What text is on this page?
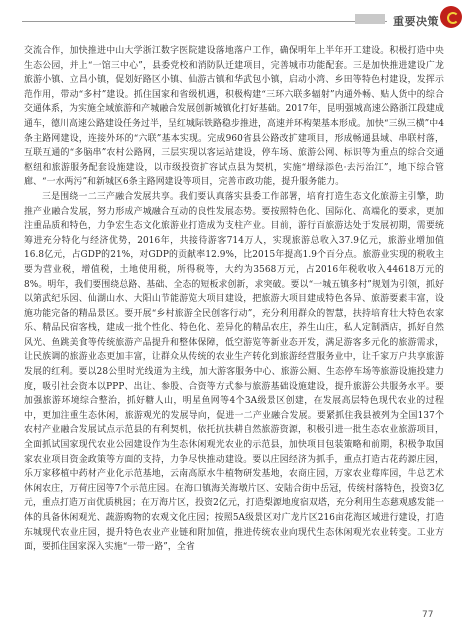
重要决策

交流合作，加快推进中山大学浙江数字医院建设落地落户工作，确保明年上半年开工建设。积极打造中央生态公园，并上“一馆三中心”，县委党校和消防队迁建项目，完善城市功能配套。三是加快推进建设广龙旅游小镇、立昌小镇，促划好路区小镇、仙游古镇和华武包小镇，启动小湾、乡田等特色村建设，发挥示范作用，带动“多村”建设。抓住国家和省级机遇，积极构建“三环六联多辐射”内通外畅、贴人货中的综合交通体系，为实施全域旅游和产城融合发展创新城镇化打好基础。2017年，昆明强城高速公路浙江段建成通车，德川高速公路建设任务过半，呈红城际铁路稳步推进，高速并环构架基本形成。加快“三纵三横”中4条主路网建设，连接外环的“六联”基本实现。完成960省县公路改扩建项目，形成畅通县域、串联村落，互联互通的“多脑串”农村公路网，三层实现以客运站建设，停车场、旅游公网、标识等为重点的综合交通枢纽和旅游服务配套设施建设，以市级投资扩容试点县为契机，实施“增绿添色·去污治江”，地下综合管廊、“一水两污”和新城区6条主路网建设等项目，完善市政功能，提升服务能力。

三是围绕一二三产融合发展共享。我们要认真落实县委工作部署，培育打造生态文化旅游主引擎，助推产业融合发展，努力形成产城融合互动的良性发展态势。要按照特色化、国际化、高端化的要求，更加注重品质和特色，力争宏生态文化旅游业打造成为支柱产业。目前，游行百旅游达处于发展初期，需要统筹进充分特化与经济优势，2016年，共接待游客714万人，实现旅游总收入37.9亿元，旅游业增加值16.8亿元，占GDP的21%，对GDP的贡献率12.9%，比2015年提高1.9个百分点。旅游业实现的税收主要为营业税，增值税，土地使用税，所得税等，大约为3568万元，占2016年税收收入44618万元的8%。明年，我们要围绕总路、基础、全态的短板求创新，求突破。要以“一城五镇多村”规划为引领，抓好以第武纪乐园、仙湖山水、大阳山节能游览大项目建设，把旅游大项目建成特色各异、旅游要素丰富，设施功能完备的精品景区。要开展“乡村旅游全民创客行动”，充分利用群众的智慧，扶持培育壮大特色农家乐、精品民宿客栈，建成一批个性化、特色化、差异化的精品农庄，养生山庄，私人定制酒店，抓好自然风光、鱼跳美食等传统旅游产品提升和整体保障，低空游览等新业态开发，满足游客多元化的旅游需求，让民族调的旅游业态更加丰富，让群众从传统的农业生产转化到旅游经营服务业中，让千家万户共享旅游发展的红利。要以28公里时光线道为主线，加大游客服务中心、旅游公厕、生态停车场等旅游设施投建力度，吸引社会资本以PPP、出让、参股、合资等方式参与旅游基础设施建设，提升旅游公共服务水平。要加强旅游环境综合整治，抓好糖人山，明星鱼网等4个3A级景区创建，在发展高层特色现代农业的过程中，更加注重生态休闲，旅游观光的发展导向，促进一二产业融合发展。要紧抓住我县被列为全国137个农村产业融合发展试点示范县的有利契机，依托抗扶耕自然旅游资源，积极引进一批生态农业旅游项目，全面抓试国家现代农业公园建设作为生态休闲观光农业的示范县，加快项目包装策略和前期，积极争取国家农业项目资金政策等方面的支持，力争尽快推动建设。要以庄园经济为抓手，重点打造古花药源庄园，乐万家移植中药材产业化示范基地，云南高原水牛植物研发基地，农商庄园，万家农业莓库园，牛总艺术休闲农庄，万荷庄园等7个示范庄园。在海口镇海关海墩片区、安陆合街中岳冠，传统村落特色，投资3亿元，重点打造万亩优质桃园；在万海片区，投资2亿元，打造梨源地度宿双塔，充分利用生态慈观感发能一体的具备休闲观光、蔬游购物的农观文化庄园；按照5A级景区对广龙片区216亩花海区域进行建设，打造东城现代农业庄园，提升特色农业产业链和附加值，推进传统农业向现代生态休闲观光农业转变。工业方面，要抓住国家深入实施“一带一路”，全省

77
